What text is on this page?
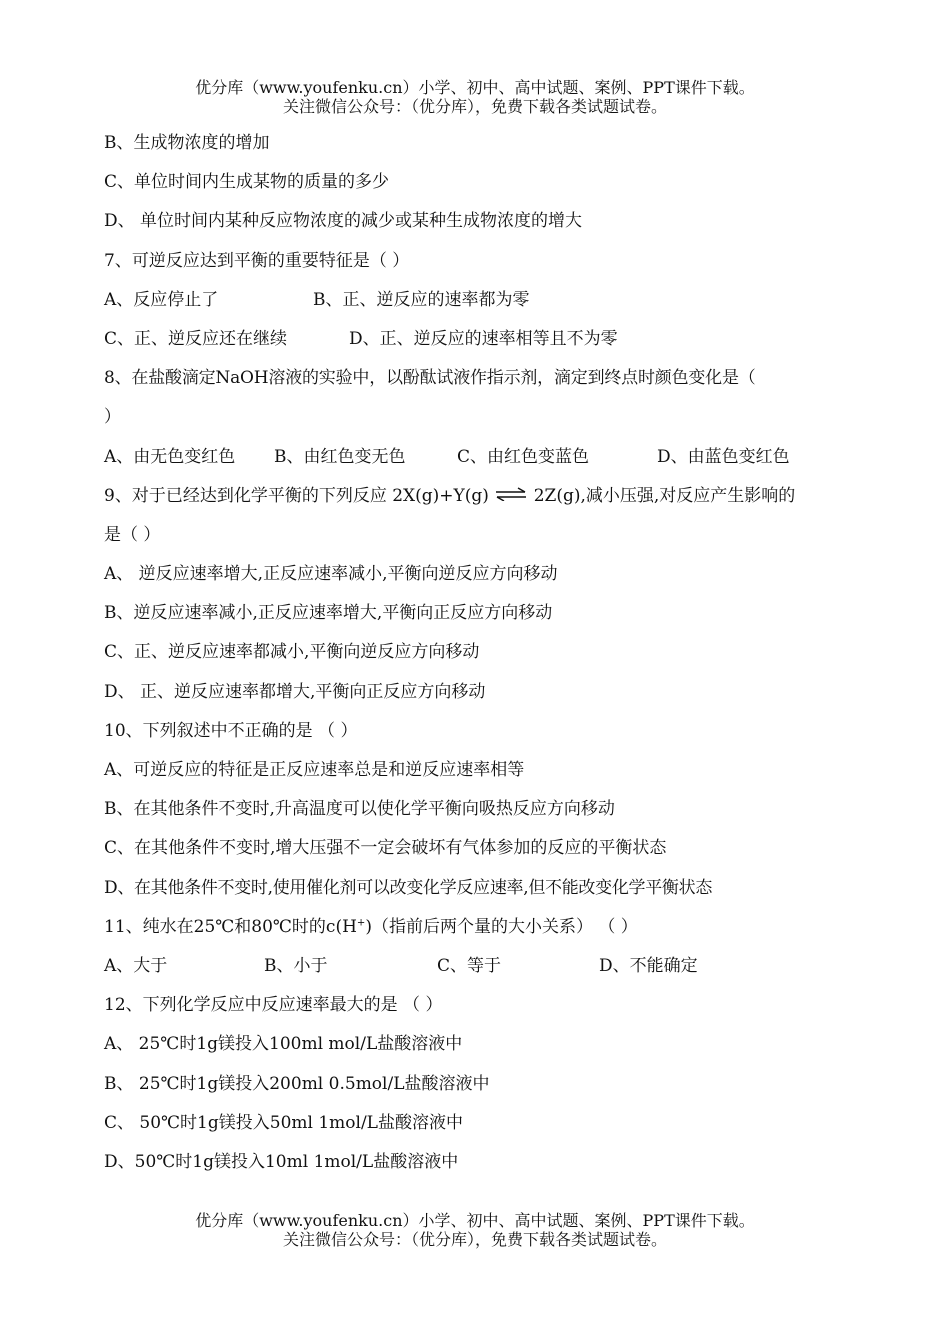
优分库（www.youfenku.cn）小学、初中、高中试题、案例、PPT课件下载。
关注微信公众号：（优分库），免费下载各类试题试卷。
B、生成物浓度的增加
C、单位时间内生成某物的质量的多少
D、 单位时间内某种反应物浓度的减少或某种生成物浓度的增大
7、可逆反应达到平衡的重要特征是（ ）
A、反应停止了	B、正、逆反应的速率都为零
C、正、逆反应还在继续	D、正、逆反应的速率相等且不为零
8、在盐酸滴定NaOH溶液的实验中，以酚酞试液作指示剂，滴定到终点时颜色变化是（
）
A、由无色变红色	B、由红色变无色	C、由红色变蓝色	D、由蓝色变红色
9、对于已经达到化学平衡的下列反应 2X(g)+Y(g) ⇌ 2Z(g),减小压强,对反应产生影响的
是（ ）
A、 逆反应速率增大,正反应速率减小,平衡向逆反应方向移动
B、逆反应速率减小,正反应速率增大,平衡向正反应方向移动
C、正、逆反应速率都减小,平衡向逆反应方向移动
D、 正、逆反应速率都增大,平衡向正反应方向移动
10、下列叙述中不正确的是 （ ）
A、可逆反应的特征是正反应速率总是和逆反应速率相等
B、在其他条件不变时,升高温度可以使化学平衡向吸热反应方向移动
C、在其他条件不变时,增大压强不一定会破坏有气体参加的反应的平衡状态
D、在其他条件不变时,使用催化剂可以改变化学反应速率,但不能改变化学平衡状态
11、纯水在25℃和80℃时的c(H+)（指前后两个量的大小关系） （ ）
A、大于	B、小于	C、等于	D、不能确定
12、下列化学反应中反应速率最大的是 （ ）
A、 25℃时1g镁投入100ml mol/L盐酸溶液中
B、 25℃时1g镁投入200ml 0.5mol/L盐酸溶液中
C、 50℃时1g镁投入50ml 1mol/L盐酸溶液中
D、50℃时1g镁投入10ml 1mol/L盐酸溶液中
优分库（www.youfenku.cn）小学、初中、高中试题、案例、PPT课件下载。
关注微信公众号：（优分库），免费下载各类试题试卷。
